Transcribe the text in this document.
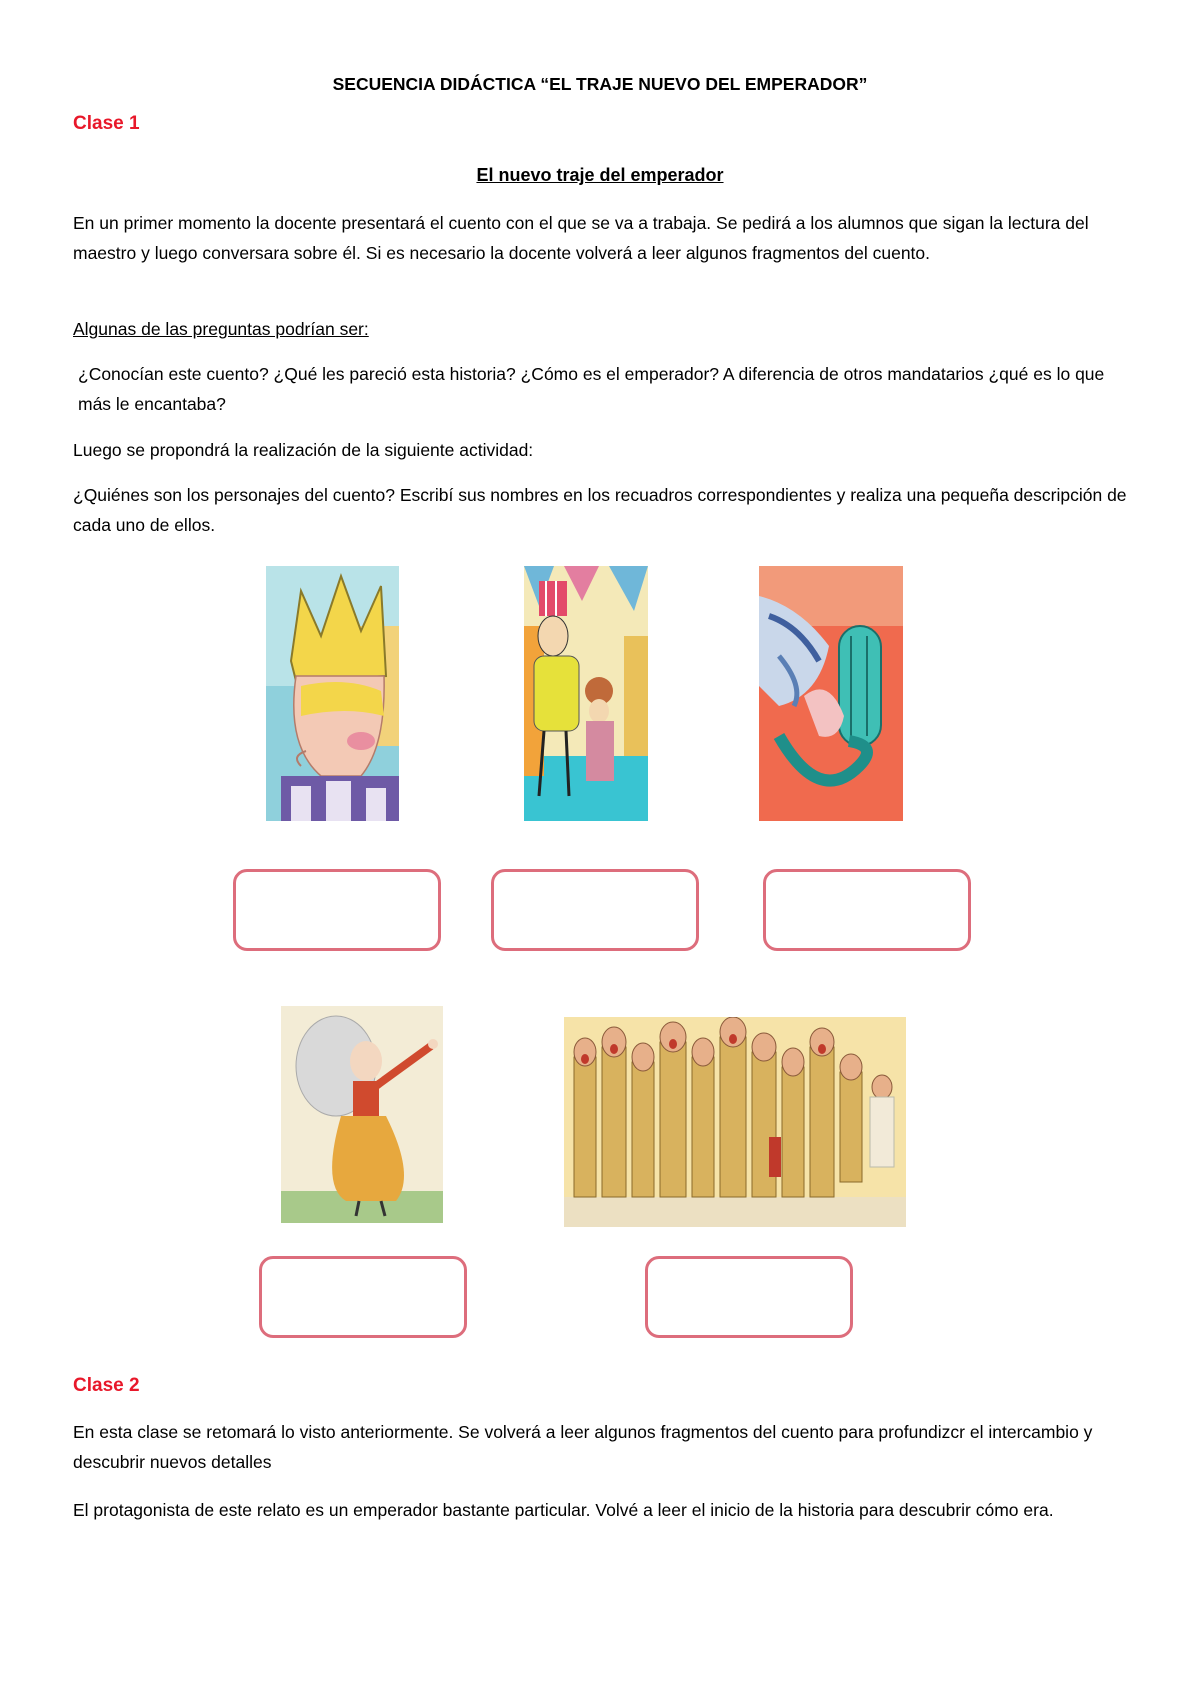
SECUENCIA DIDÁCTICA “EL TRAJE NUEVO DEL EMPERADOR”
Clase 1
El nuevo traje del emperador

En un primer momento la docente presentará el cuento con el que se va a trabaja. Se pedirá a los alumnos que sigan la lectura del maestro y luego conversara sobre él. Si es necesario la docente volverá a leer algunos fragmentos del cuento.

Algunas de las preguntas podrían ser:

¿Conocían este cuento? ¿Qué les pareció esta historia? ¿Cómo es el emperador? A diferencia de otros mandatarios ¿qué es lo que más le encantaba?

Luego se propondrá la realización de la siguiente actividad:

¿Quiénes son los personajes del cuento? Escribí sus nombres en los recuadros correspondientes y realiza una pequeña descripción de cada uno de ellos.

Clase 2

En esta clase se retomará lo visto anteriormente. Se volverá a leer algunos fragmentos del cuento para profundizcr el intercambio y descubrir nuevos detalles

El protagonista de este relato es un emperador bastante particular. Volvé a leer el inicio de la historia para descubrir cómo era.
